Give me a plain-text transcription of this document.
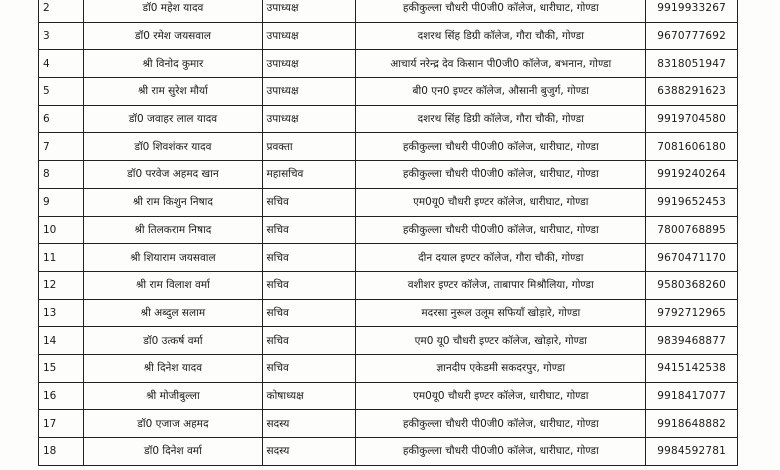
2	डॉ0 महेश यादव	उपाध्यक्ष	हकीकुल्ला चौधरी पी0जी0 कॉलेज, धारीघाट, गोण्डा	9919933267
3	डॉ0 रमेश जयसवाल	उपाध्यक्ष	दशरथ सिंह डिग्री कॉलेज, गौरा चौकी, गोण्डा	9670777692
4	श्री विनोद कुमार	उपाध्यक्ष	आचार्य नरेन्द्र देव किसान पी0जी0 कॉलेज, बभनान, गोण्डा	8318051947
5	श्री राम सुरेश मौर्या	उपाध्यक्ष	बी0 एन0 इण्टर कॉलेज, औसानी बुजुर्ग, गोण्डा	6388291623
6	डॉ0 जवाहर लाल यादव	उपाध्यक्ष	दशरथ सिंह डिग्री कॉलेज, गौरा चौकी, गोण्डा	9919704580
7	डॉ0 शिवशंकर यादव	प्रवक्ता	हकीकुल्ला चौधरी पी0जी0 कॉलेज, धारीघाट, गोण्डा	7081606180
8	डॉ0 परवेज अहमद खान	महासचिव	हकीकुल्ला चौधरी पी0जी0 कॉलेज, धारीघाट, गोण्डा	9919240264
9	श्री राम किशुन निषाद	सचिव	एम0यू0 चौधरी इण्टर कॉलेज, धारीघाट, गोण्डा	9919652453
10	श्री तिलकराम निषाद	सचिव	हकीकुल्ला चौधरी पी0जी0 कॉलेज, धारीघाट, गोण्डा	7800768895
11	श्री शियाराम जयसवाल	सचिव	दीन दयाल इण्टर कॉलेज, गौरा चौकी, गोण्डा	9670471170
12	श्री राम विलाश वर्मा	सचिव	वशीशर इण्टर कॉलेज, ताबापार मिश्रौलिया, गोण्डा	9580368260
13	श्री अब्दुल सलाम	सचिव	मदरसा नुरूल उलूम सफियाँ खोड़ारे, गोण्डा	9792712965
14	डॉ0 उत्कर्ष वर्मा	सचिव	एम0 यू0 चौधरी इण्टर कॉलेज, खोड़ारे, गोण्डा	9839468877
15	श्री दिनेश यादव	सचिव	ज्ञानदीप एकेडमी सकदरपुर, गोण्डा	9415142538
16	श्री मोजीबुल्ला	कोषाध्यक्ष	एम0यू0 चौधरी इण्टर कॉलेज, धारीघाट, गोण्डा	9918417077
17	डॉ0 एजाज अहमद	सदस्य	हकीकुल्ला चौधरी पी0जी0 कॉलेज, धारीघाट, गोण्डा	9918648882
18	डॉ0 दिनेश वर्मा	सदस्य	हकीकुल्ला चौधरी पी0जी0 कॉलेज, धारीघाट, गोण्डा	9984592781
